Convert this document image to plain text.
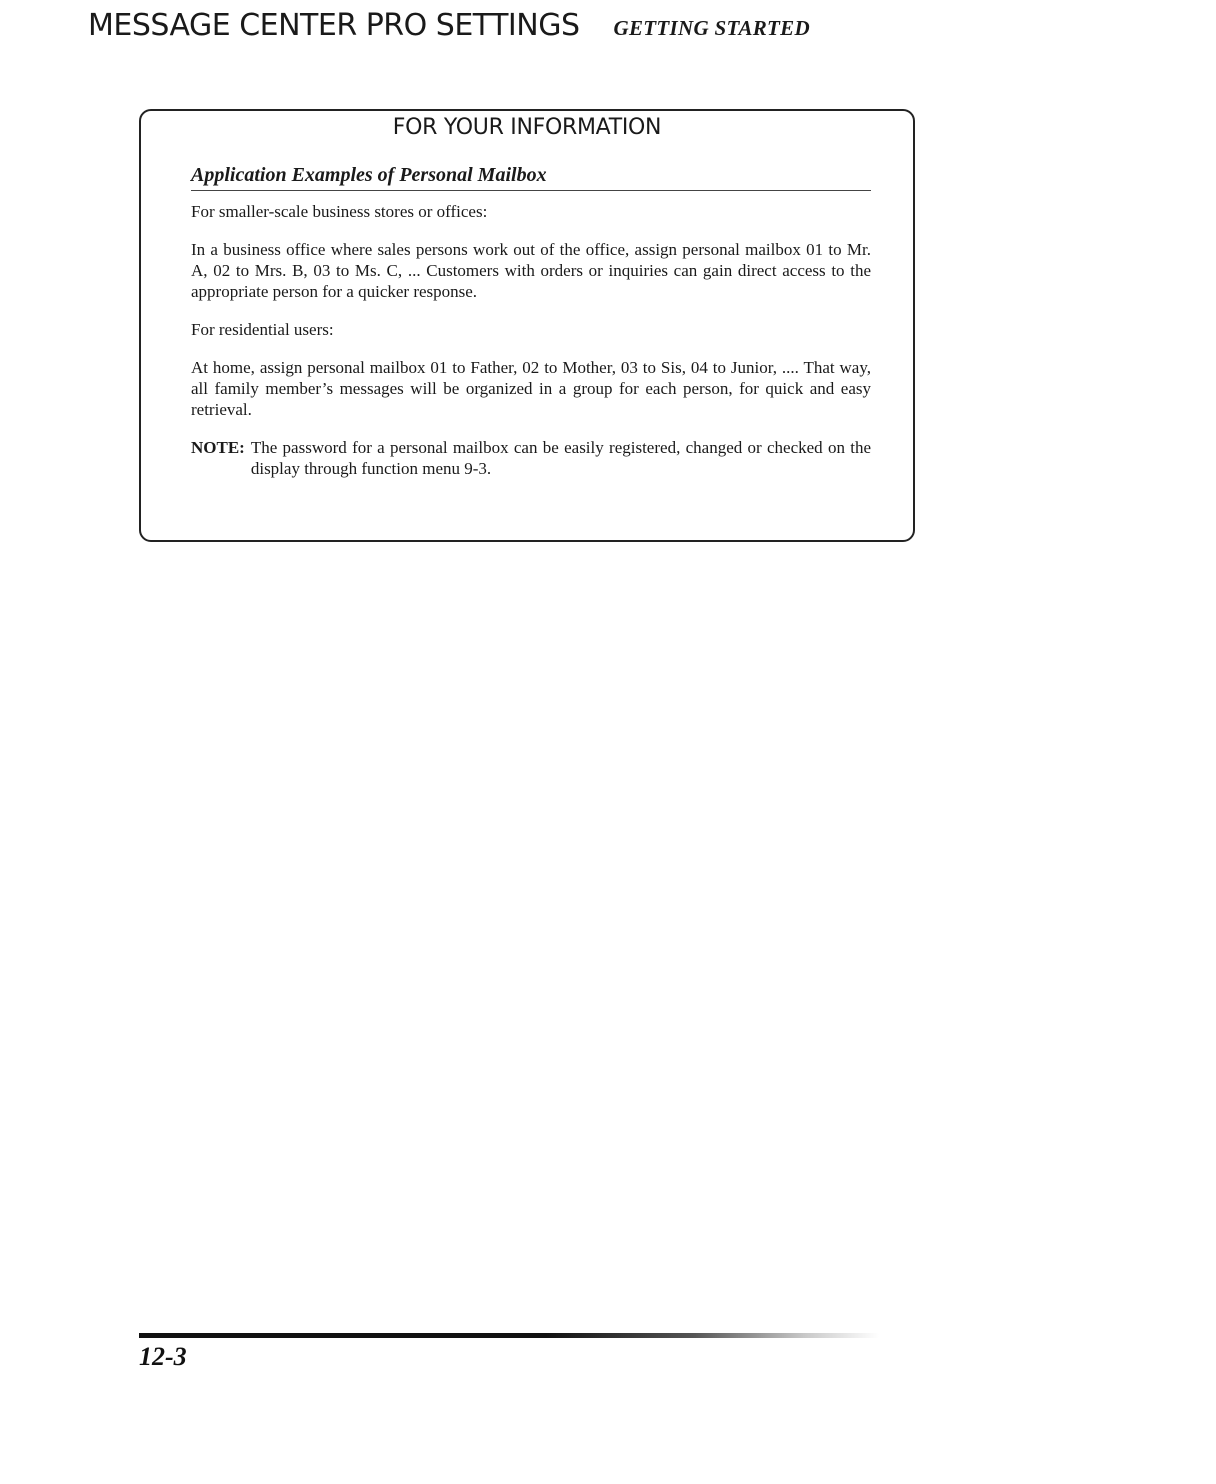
MESSAGE CENTER PRO SETTINGS GETTING STARTED
FOR YOUR INFORMATION
Application Examples of Personal Mailbox

For smaller-scale business stores or offices:

In a business office where sales persons work out of the office, assign personal mailbox 01 to Mr. A, 02 to Mrs. B, 03 to Ms. C, ... Customers with orders or inquiries can gain direct access to the appropriate person for a quicker response.

For residential users:

At home, assign personal mailbox 01 to Father, 02 to Mother, 03 to Sis, 04 to Junior, .... That way, all family member’s messages will be organized in a group for each person, for quick and easy retrieval.

NOTE: The password for a personal mailbox can be easily registered, changed or checked on the display through function menu 9-3.
12-3
